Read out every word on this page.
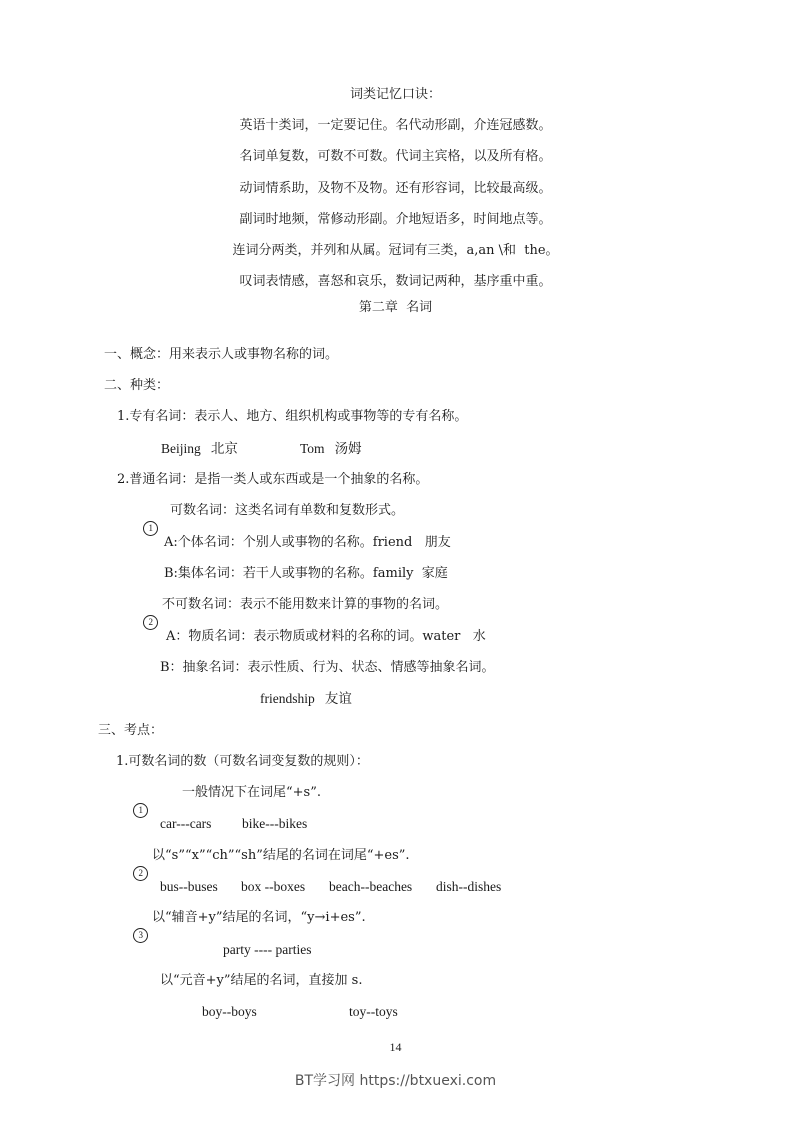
词类记忆口诀：
英语十类词，一定要记住。名代动形副，介连冠感数。
名词单复数，可数不可数。代词主宾格，以及所有格。
动词情系助，及物不及物。还有形容词，比较最高级。
副词时地频，常修动形副。介地短语多，时间地点等。
连词分两类，并列和从属。冠词有三类，a,an \和  the。
叹词表情感，喜怒和哀乐，数词记两种，基序重中重。
第二章  名词
一、概念：用来表示人或事物名称的词。
二、种类：
1.专有名词：表示人、地方、组织机构或事物等的专有名称。
Beijing   北京	Tom   汤姆
2.普通名词：是指一类人或东西或是一个抽象的名称。

1

可数名词：这类名词有单数和复数形式。
A:个体名词：个别人或事物的名称。friend   朋友
B:集体名词：若干人或事物的名称。family  家庭

2

不可数名词：表示不能用数来计算的事物的名词。
A：物质名词：表示物质或材料的名称的词。water   水
B：抽象名词：表示性质、行为、状态、情感等抽象名词。
friendship   友谊
三、考点：
1.可数名词的数（可数名词变复数的规则）：

1

一般情况下在词尾“+s”.
car---cars bike---bikes

2

以“s”“x”“ch”“sh”结尾的名词在词尾“+es”.
bus--buses box --boxes beach--beaches dish--dishes

3

以“辅音+y”结尾的名词，“y→i+es”.
party ---- parties
以“元音+y”结尾的名词，直接加 s.
boy--boys	toy--toys
14
BT学习网 https://btxuexi.com
